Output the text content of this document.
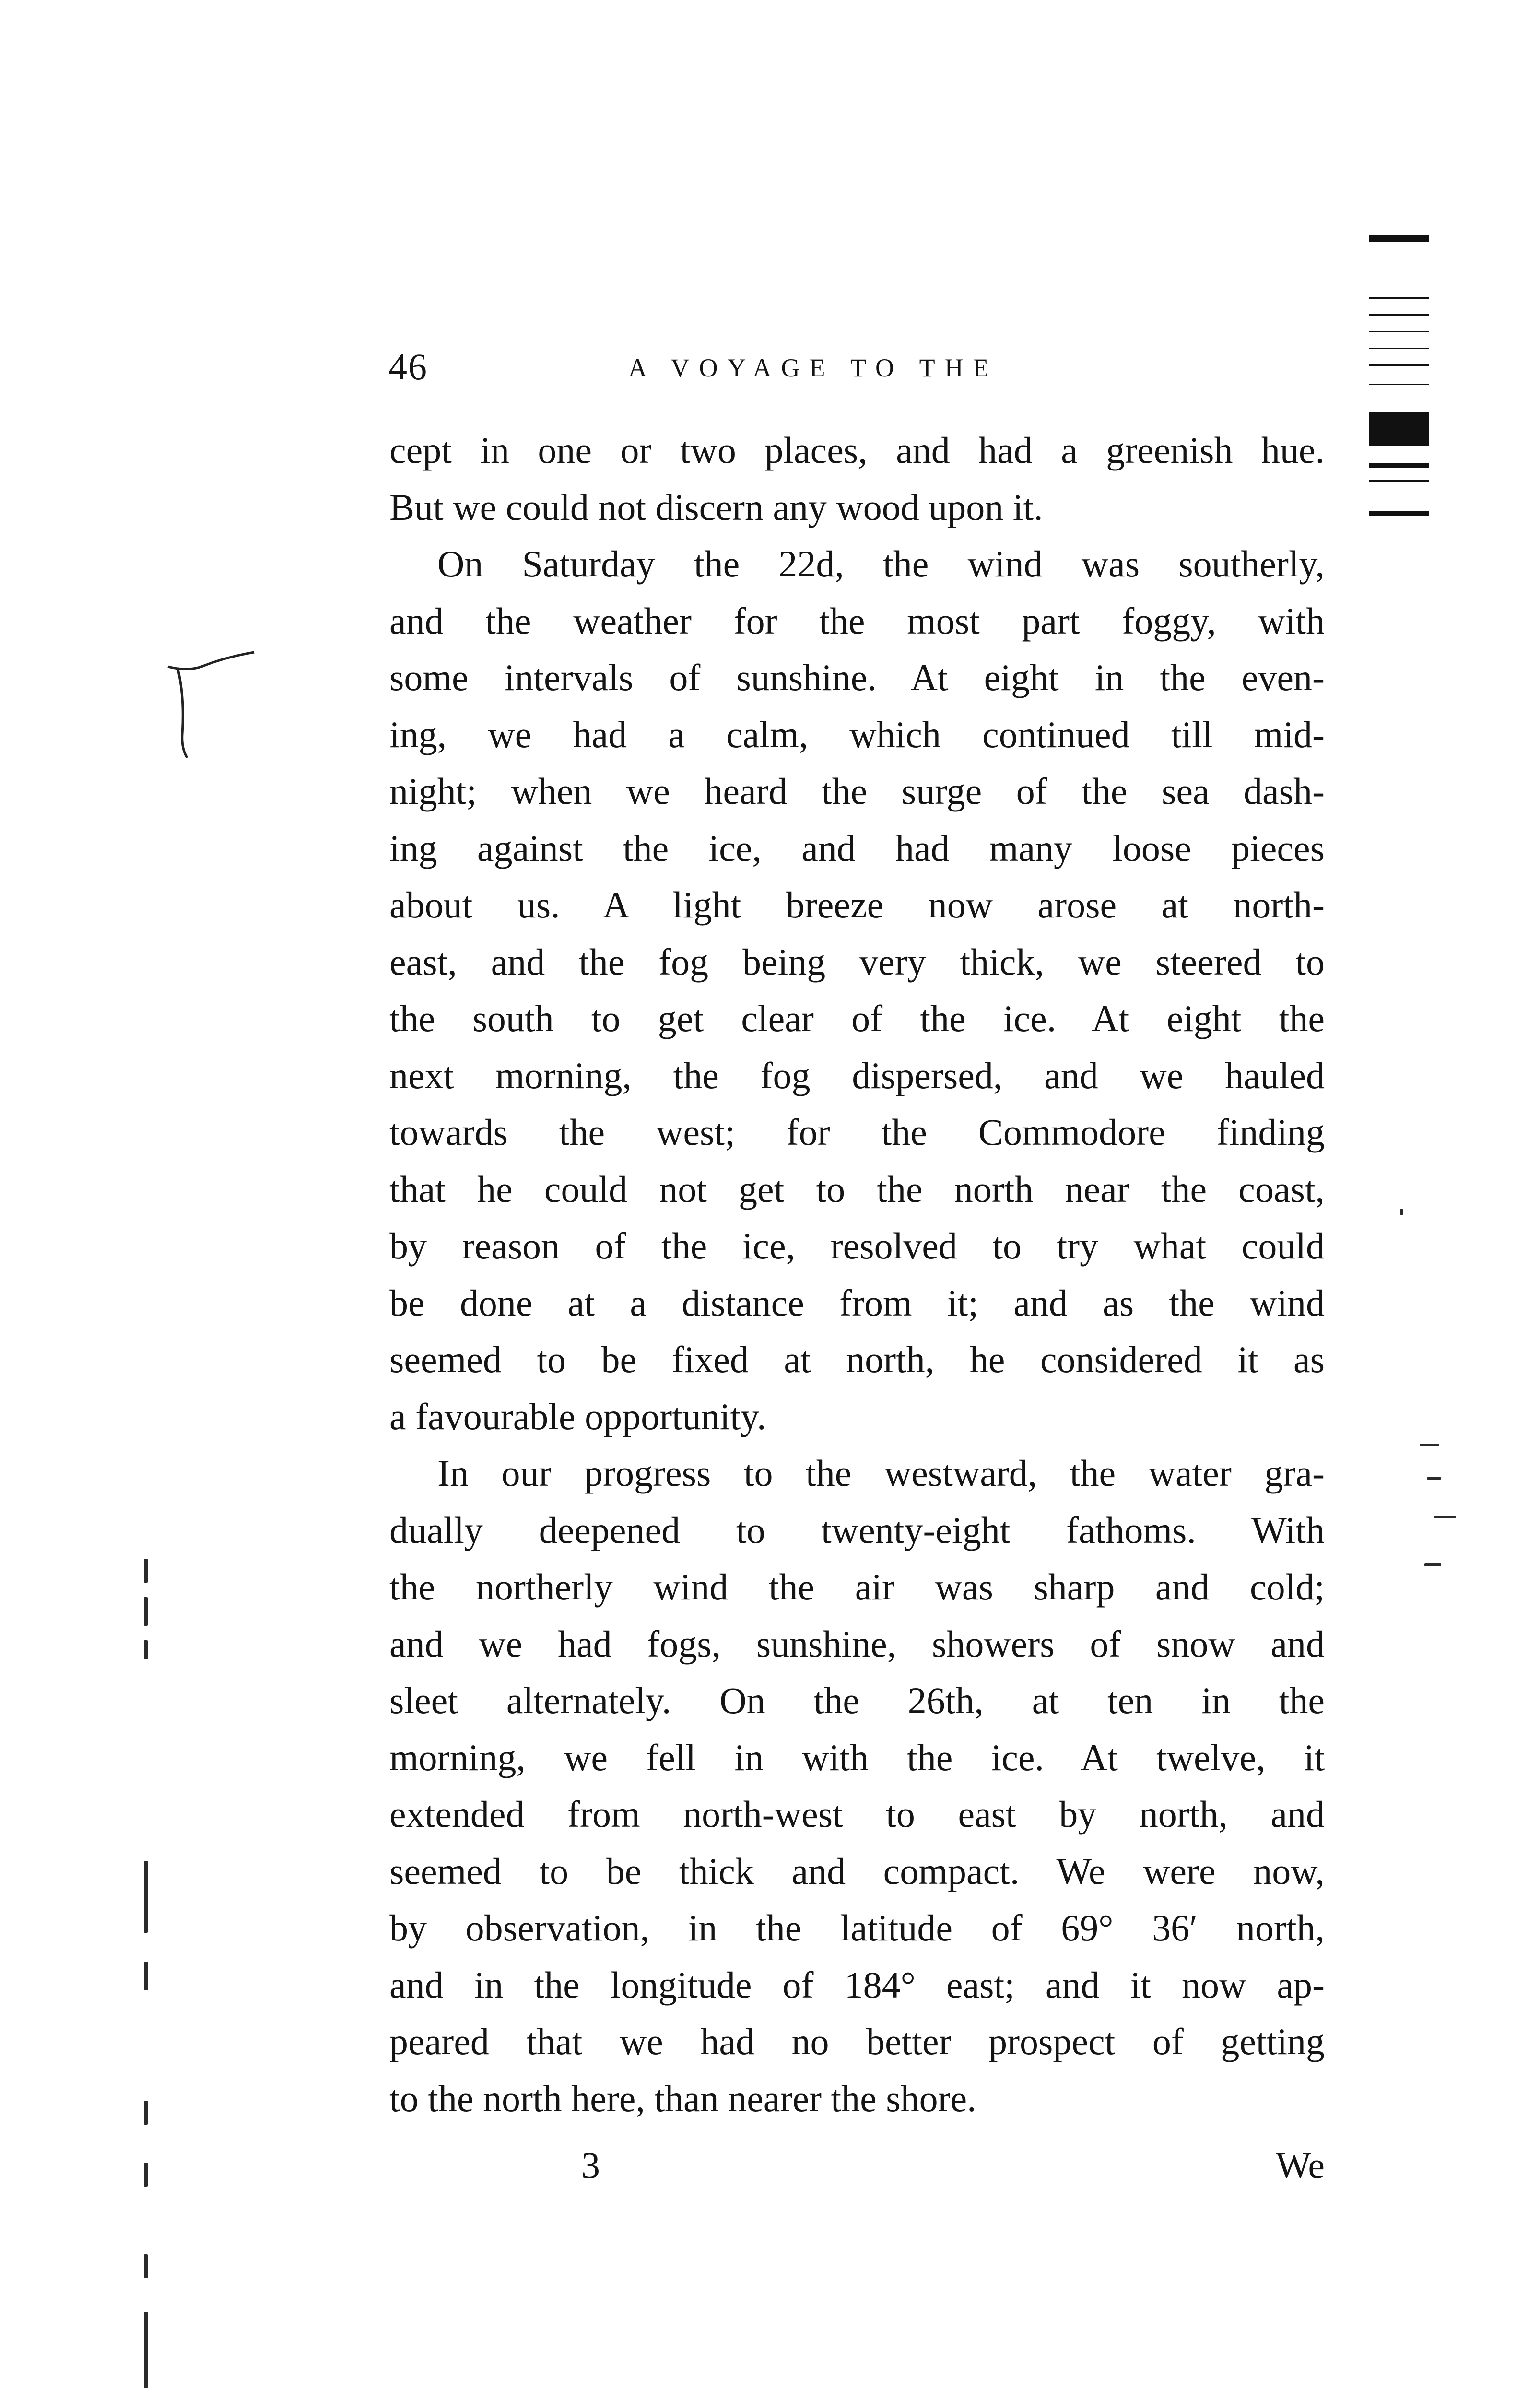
46	A VOYAGE TO THE
cept in one or two places, and had a greenish hue.
But we could not discern any wood upon it.
On Saturday the 22d, the wind was southerly,
and the weather for the most part foggy, with
some intervals of sunshine. At eight in the even-
ing, we had a calm, which continued till mid-
night; when we heard the surge of the sea dash-
ing against the ice, and had many loose pieces
about us. A light breeze now arose at north-
east, and the fog being very thick, we steered to
the south to get clear of the ice. At eight the
next morning, the fog dispersed, and we hauled
towards the west; for the Commodore finding
that he could not get to the north near the coast,
by reason of the ice, resolved to try what could
be done at a distance from it; and as the wind
seemed to be fixed at north, he considered it as
a favourable opportunity.
In our progress to the westward, the water gra-
dually deepened to twenty-eight fathoms. With
the northerly wind the air was sharp and cold;
and we had fogs, sunshine, showers of snow and
sleet alternately. On the 26th, at ten in the
morning, we fell in with the ice. At twelve, it
extended from north-west to east by north, and
seemed to be thick and compact. We were now,
by observation, in the latitude of 69° 36′ north,
and in the longitude of 184° east; and it now ap-
peared that we had no better prospect of getting
to the north here, than nearer the shore.
3	We
